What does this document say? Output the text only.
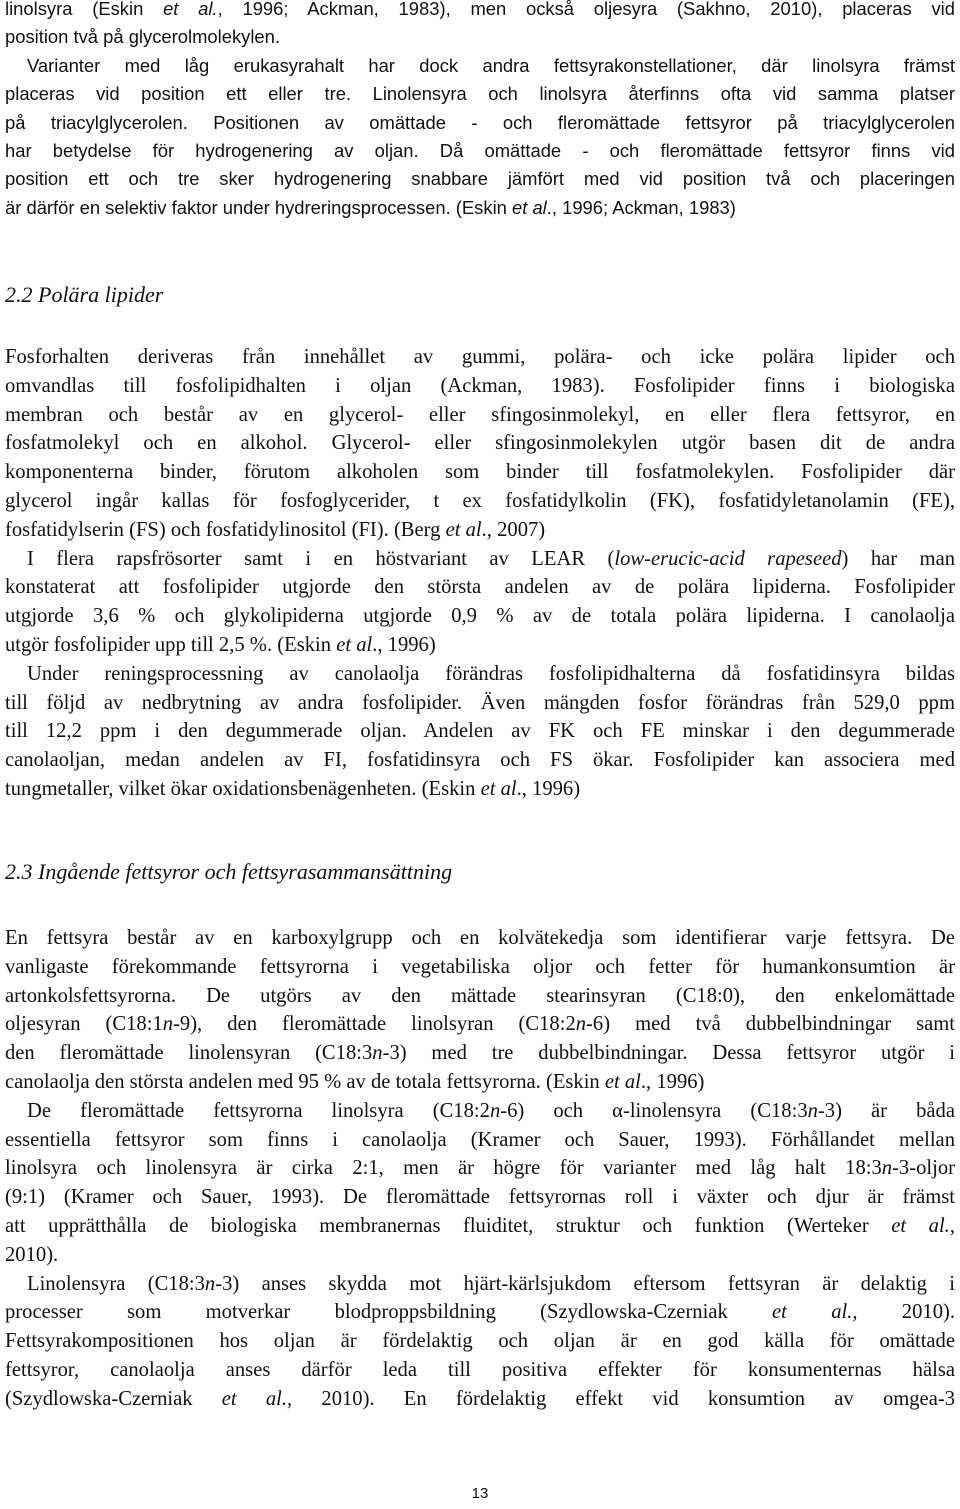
linolsyra (Eskin et al., 1996; Ackman, 1983), men också oljesyra (Sakhno, 2010), placeras vid
position två på glycerolmolekylen.
Varianter med låg erukasyrahalt har dock andra fettsyrakonstellationer, där linolsyra främst
placeras vid position ett eller tre. Linolensyra och linolsyra återfinns ofta vid samma platser
på triacylglycerolen. Positionen av omättade - och fleromättade fettsyror på triacylglycerolen
har betydelse för hydrogenering av oljan. Då omättade - och fleromättade fettsyror finns vid
position ett och tre sker hydrogenering snabbare jämfört med vid position två och placeringen
är därför en selektiv faktor under hydreringsprocessen. (Eskin et al., 1996; Ackman, 1983)
2.2 Polära lipider
Fosforhalten deriveras från innehållet av gummi, polära- och icke polära lipider och
omvandlas till fosfolipidhalten i oljan (Ackman, 1983). Fosfolipider finns i biologiska
membran och består av en glycerol- eller sfingosinmolekyl, en eller flera fettsyror, en
fosfatmolekyl och en alkohol. Glycerol- eller sfingosinmolekylen utgör basen dit de andra
komponenterna binder, förutom alkoholen som binder till fosfatmolekylen. Fosfolipider där
glycerol ingår kallas för fosfoglycerider, t ex fosfatidylkolin (FK), fosfatidyletanolamin (FE),
fosfatidylserin (FS) och fosfatidylinositol (FI). (Berg et al., 2007)
I flera rapsfrösorter samt i en höstvariant av LEAR (low-erucic-acid rapeseed) har man
konstaterat att fosfolipider utgjorde den största andelen av de polära lipiderna. Fosfolipider
utgjorde 3,6 % och glykolipiderna utgjorde 0,9 % av de totala polära lipiderna. I canolaolja
utgör fosfolipider upp till 2,5 %. (Eskin et al., 1996)
Under reningsprocessning av canolaolja förändras fosfolipidhalterna då fosfatidinsyra bildas
till följd av nedbrytning av andra fosfolipider. Även mängden fosfor förändras från 529,0 ppm
till 12,2 ppm i den degummerade oljan. Andelen av FK och FE minskar i den degummerade
canolaoljan, medan andelen av FI, fosfatidinsyra och FS ökar. Fosfolipider kan associera med
tungmetaller, vilket ökar oxidationsbenägenheten. (Eskin et al., 1996)
2.3 Ingående fettsyror och fettsyrasammansättning
En fettsyra består av en karboxylgrupp och en kolvätekedja som identifierar varje fettsyra. De
vanligaste förekommande fettsyrorna i vegetabiliska oljor och fetter för humankonsumtion är
artonkolsfettsyrorna. De utgörs av den mättade stearinsyran (C18:0), den enkelomättade
oljesyran (C18:1n-9), den fleromättade linolsyran (C18:2n-6) med två dubbelbindningar samt
den fleromättade linolensyran (C18:3n-3) med tre dubbelbindningar. Dessa fettsyror utgör i
canolaolja den största andelen med 95 % av de totala fettsyrorna. (Eskin et al., 1996)
De fleromättade fettsyrorna linolsyra (C18:2n-6) och α-linolensyra (C18:3n-3) är båda
essentiella fettsyror som finns i canolaolja (Kramer och Sauer, 1993). Förhållandet mellan
linolsyra och linolensyra är cirka 2:1, men är högre för varianter med låg halt 18:3n-3-oljor
(9:1) (Kramer och Sauer, 1993). De fleromättade fettsyrornas roll i växter och djur är främst
att upprätthålla de biologiska membranernas fluiditet, struktur och funktion (Werteker et al.,
2010).
Linolensyra (C18:3n-3) anses skydda mot hjärt-kärlsjukdom eftersom fettsyran är delaktig i
processer som motverkar blodproppsbildning (Szydlowska-Czerniak et al., 2010).
Fettsyrakompositionen hos oljan är fördelaktig och oljan är en god källa för omättade
fettsyror, canolaolja anses därför leda till positiva effekter för konsumenternas hälsa
(Szydlowska-Czerniak et al., 2010). En fördelaktig effekt vid konsumtion av omgea-3
13
